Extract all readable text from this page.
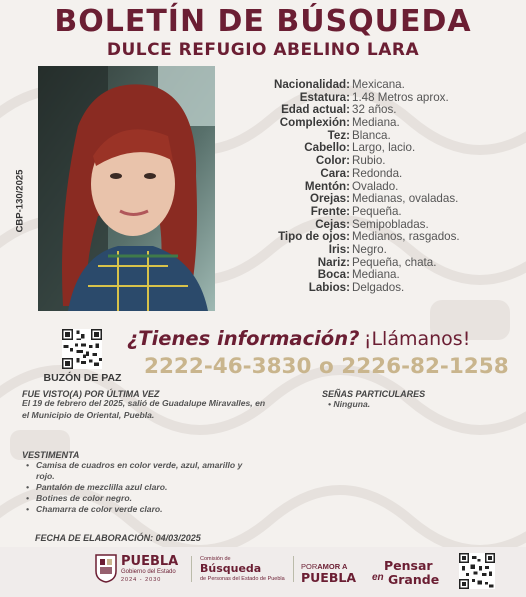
BOLETÍN DE BÚSQUEDA
DULCE REFUGIO ABELINO LARA
CBP-130/2025
Nacionalidad: Mexicana.
Estatura: 1.48 Metros aprox.
Edad actual: 32 años.
Complexión: Mediana.
Tez: Blanca.
Cabello: Largo, lacio.
Color: Rubio.
Cara: Redonda.
Mentón: Ovalado.
Orejas: Medianas, ovaladas.
Frente: Pequeña.
Cejas: Semipobladas.
Tipo de ojos: Medianos, rasgados.
Iris: Negro.
Nariz: Pequeña, chata.
Boca: Mediana.
Labios: Delgados.
BUZÓN DE PAZ
¿Tienes información? ¡Llámanos!
2222-46-3830 o 2226-82-1258
FUE VISTO(A) POR ÚLTIMA VEZ
El 19 de febrero del 2025, salió de Guadalupe Miravalles, en el Municipio de Oriental, Puebla.
SEÑAS PARTICULARES
• Ninguna.
VESTIMENTA
• Camisa de cuadros en color verde, azul, amarillo y rojo.
• Pantalón de mezclilla azul claro.
• Botines de color negro.
• Chamarra de color verde claro.
FECHA DE ELABORACIÓN: 04/03/2025
PUEBLA
Gobierno del Estado
2024 - 2030
Comisión de
Búsqueda
de Personas del Estado de Puebla
PORAMOR A
PUEBLA
Pensar
en Grande
